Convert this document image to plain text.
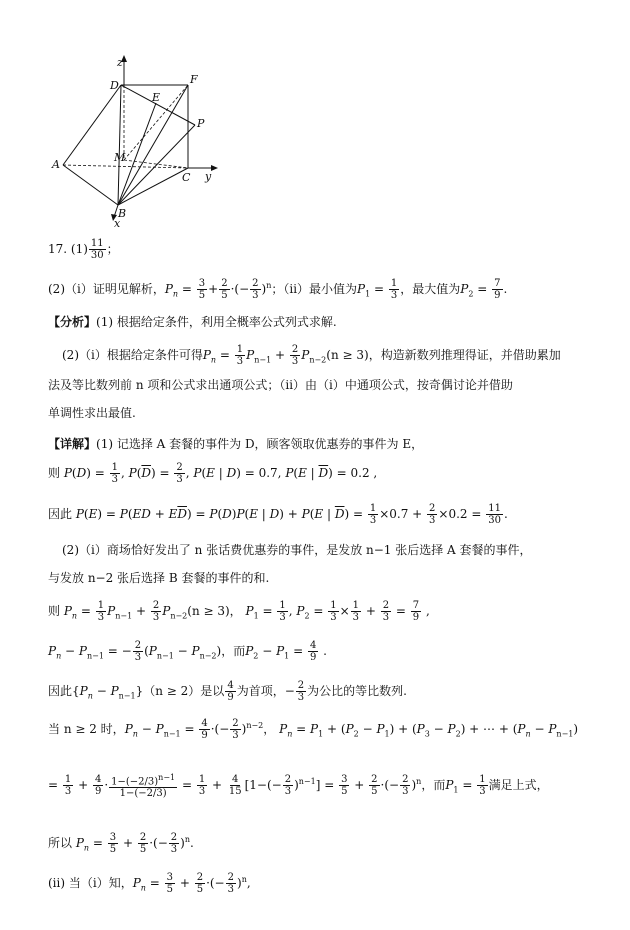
z
D
E
F
P
M
A
C y
B
x
17. $(1) \frac{11}{30}$ ；
(2)（ⅰ）证明见解析，$P_n = \frac{3}{5} + \frac{2}{5}$ ·(− $\frac{2}{3} )^n$；（ⅱ）最小值为$P_1 = \frac{1}{3}$ ，最大值为$P_2 = \frac{7}{9}$ .
【分析】(1) 根据给定条件，利用全概率公式列式求解.
(2)（ⅰ）根据给定条件可得$P_n = \frac{1}{3} P_{n-1} + \frac{2}{3} P_{n-2}(n \ge 3)$，构造新数列推理得证，并借助累加
法及等比数列前 n 项和公式求出通项公式；（ⅱ）由（ⅰ）中通项公式，按奇偶讨论并借助
单调性求出最值.
【详解】(1) 记选择 A 套餐的事件为 D，顾客领取优惠券的事件为 E，
则 $P(D) = \frac{1}{3}$ , $P(\overline{D}) = \frac{2}{3}$ , P(E | D) = 0.7, P(E | $\overline{D}) = 0.2$ ,
因此 $P(E) = P(ED + E\overline{D}) = P(D)P(E$ | D) + P(E | $\overline{D}) = \frac{1}{3} \times 0.7 + \frac{2}{3} \times 0.2 = \frac{11}{30}$ .
(2)（ⅰ）商场恰好发出了 n 张话费优惠券的事件，是发放 n−1 张后选择 A 套餐的事件，
与发放 n−2 张后选择 B 套餐的事件的和.
则 $P_n = \frac{1}{3} P_{n-1} + \frac{2}{3} P_{n-2}(n \ge 3)$， $P_1 = \frac{1}{3}$ , $P_2 = \frac{1}{3} \times \frac{1}{3} + \frac{2}{3} = \frac{7}{9}$ ,
$P_n - P_{n-1}$ = − $\frac{2}{3} (P_{n-1} - P_{n-2})$，而$P_2 - P_1 = \frac{4}{9}$ .
因此$\{P_n - P_{n-1}\}(n \ge 2)$是以 $\frac{4}{9}$ 为首项，− $\frac{2}{3}$ 为公比的等比数列.
当 n ≥ 2 时，$P_n - P_{n-1} = \frac{4}{9}$ ·(− $\frac{2}{3} )^{n-2}$， $P_n = P_1 + (P_2 - P_1) + (P_3 - P_2)$ + ⋯ + $(P_n - P_{n-1})$
= $\frac{1}{3} + \frac{4}{9} \cdot \frac{1-(-2/3)^{n-1}}{1-(-2/3)} = \frac{1}{3} + \frac{4}{15} [1-(- \frac{2}{3} )^{n-1}] = \frac{3}{5} + \frac{2}{5}$ ·(− $\frac{2}{3} )^n$，而$P_1 = \frac{1}{3}$ 满足上式，
所以 $P_n = \frac{3}{5} + \frac{2}{5}$ ·(− $\frac{2}{3} )^n$.
(ⅱ) 当（ⅰ）知，$P_n = \frac{3}{5} + \frac{2}{5}$ ·(− $\frac{2}{3} )^n$,
